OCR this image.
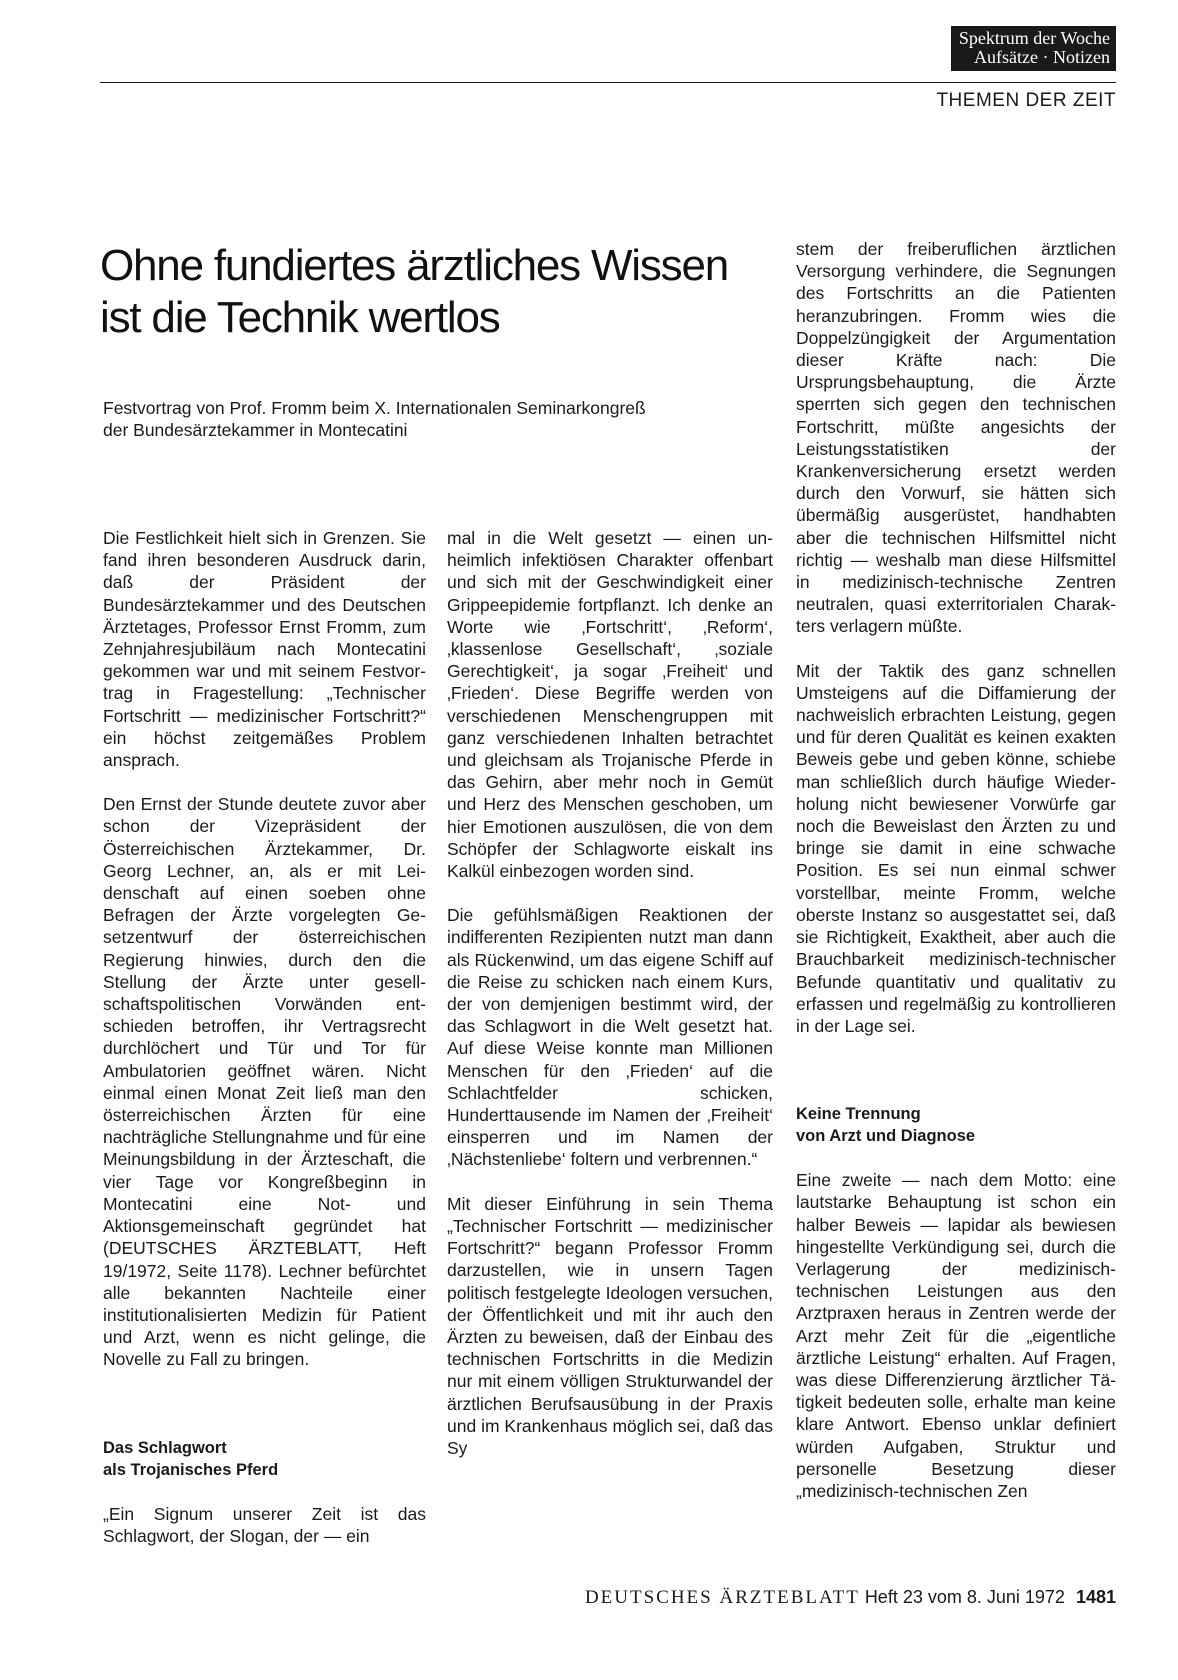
Spektrum der Woche
Aufsätze · Notizen
THEMEN DER ZEIT
Ohne fundiertes ärztliches Wissen
ist die Technik wertlos

Festvortrag von Prof. Fromm beim X. Internationalen Seminarkongreß
der Bundesärztekammer in Montecatini

Die Festlichkeit hielt sich in Grenzen. Sie fand ihren besonderen Ausdruck darin, daß der Präsident der Bundesärztekammer und des Deutschen Ärztetages, Professor Ernst Fromm, zum Zehnjahresjubiläum nach Montecatini gekommen war und mit seinem Festvortrag in Fragestellung: „Technischer Fortschritt — medizinischer Fortschritt?“ ein höchst zeitgemäßes Problem ansprach.

Den Ernst der Stunde deutete zuvor aber schon der Vizepräsident der Österreichischen Ärztekammer, Dr. Georg Lechner, an, als er mit Leidenschaft auf einen soeben ohne Befragen der Ärzte vorgelegten Gesetzentwurf der österreichischen Regierung hinwies, durch den die Stellung der Ärzte unter gesellschaftspolitischen Vorwänden entschieden betroffen, ihr Vertragsrecht durchlöchert und Tür und Tor für Ambulatorien geöffnet wären. Nicht einmal einen Monat Zeit ließ man den österreichischen Ärzten für eine nachträgliche Stellungnahme und für eine Meinungsbildung in der Ärzteschaft, die vier Tage vor Kongreßbeginn in Montecatini eine Not- und Aktionsgemeinschaft gegründet hat (DEUTSCHES ÄRZTEBLATT, Heft 19/1972, Seite 1178). Lechner befürchtet alle bekannten Nachteile einer institutionalisierten Medizin für Patient und Arzt, wenn es nicht gelinge, die Novelle zu Fall zu bringen.

Das Schlagwort
als Trojanisches Pferd

„Ein Signum unserer Zeit ist das Schlagwort, der Slogan, der — ein

mal in die Welt gesetzt — einen unheimlich infektiösen Charakter offenbart und sich mit der Geschwindigkeit einer Grippeepidemie fortpflanzt. Ich denke an Worte wie ‚Fortschritt‘, ‚Reform‘, ‚klassenlose Gesellschaft‘, ‚soziale Gerechtigkeit‘, ja sogar ‚Freiheit‘ und ‚Frieden‘. Diese Begriffe werden von verschiedenen Menschengruppen mit ganz verschiedenen Inhalten betrachtet und gleichsam als Trojanische Pferde in das Gehirn, aber mehr noch in Gemüt und Herz des Menschen geschoben, um hier Emotionen auszulösen, die von dem Schöpfer der Schlagworte eiskalt ins Kalkül einbezogen worden sind.

Die gefühlsmäßigen Reaktionen der indifferenten Rezipienten nutzt man dann als Rückenwind, um das eigene Schiff auf die Reise zu schicken nach einem Kurs, der von demjenigen bestimmt wird, der das Schlagwort in die Welt gesetzt hat. Auf diese Weise konnte man Millionen Menschen für den ‚Frieden‘ auf die Schlachtfelder schicken, Hunderttausende im Namen der ‚Freiheit‘ einsperren und im Namen der ‚Nächstenliebe‘ foltern und verbrennen.“

Mit dieser Einführung in sein Thema „Technischer Fortschritt — medizinischer Fortschritt?“ begann Professor Fromm darzustellen, wie in unsern Tagen politisch festgelegte Ideologen versuchen, der Öffentlichkeit und mit ihr auch den Ärzten zu beweisen, daß der Einbau des technischen Fortschritts in die Medizin nur mit einem völligen Strukturwandel der ärztlichen Berufsausübung in der Praxis und im Krankenhaus möglich sei, daß das Sy

stem der freiberuflichen ärztlichen Versorgung verhindere, die Segnungen des Fortschritts an die Patienten heranzubringen. Fromm wies die Doppelzüngigkeit der Argumentation dieser Kräfte nach: Die Ursprungsbehauptung, die Ärzte sperrten sich gegen den technischen Fortschritt, müßte angesichts der Leistungsstatistiken der Krankenversicherung ersetzt werden durch den Vorwurf, sie hätten sich übermäßig ausgerüstet, handhabten aber die technischen Hilfsmittel nicht richtig — weshalb man diese Hilfsmittel in medizinisch-technische Zentren neutralen, quasi exterritorialen Charakters verlagern müßte.

Mit der Taktik des ganz schnellen Umsteigens auf die Diffamierung der nachweislich erbrachten Leistung, gegen und für deren Qualität es keinen exakten Beweis gebe und geben könne, schiebe man schließlich durch häufige Wiederholung nicht bewiesener Vorwürfe gar noch die Beweislast den Ärzten zu und bringe sie damit in eine schwache Position. Es sei nun einmal schwer vorstellbar, meinte Fromm, welche oberste Instanz so ausgestattet sei, daß sie Richtigkeit, Exaktheit, aber auch die Brauchbarkeit medizinisch-technischer Befunde quantitativ und qualitativ zu erfassen und regelmäßig zu kontrollieren in der Lage sei.

Keine Trennung
von Arzt und Diagnose

Eine zweite — nach dem Motto: eine lautstarke Behauptung ist schon ein halber Beweis — lapidar als bewiesen hingestellte Verkündigung sei, durch die Verlagerung der medizinisch-technischen Leistungen aus den Arztpraxen heraus in Zentren werde der Arzt mehr Zeit für die „eigentliche ärztliche Leistung“ erhalten. Auf Fragen, was diese Differenzierung ärztlicher Tätigkeit bedeuten solle, erhalte man keine klare Antwort. Ebenso unklar definiert würden Aufgaben, Struktur und personelle Besetzung dieser „medizinisch-technischen Zen

DEUTSCHES ÄRZTEBLATT Heft 23 vom 8. Juni 1972 1481
